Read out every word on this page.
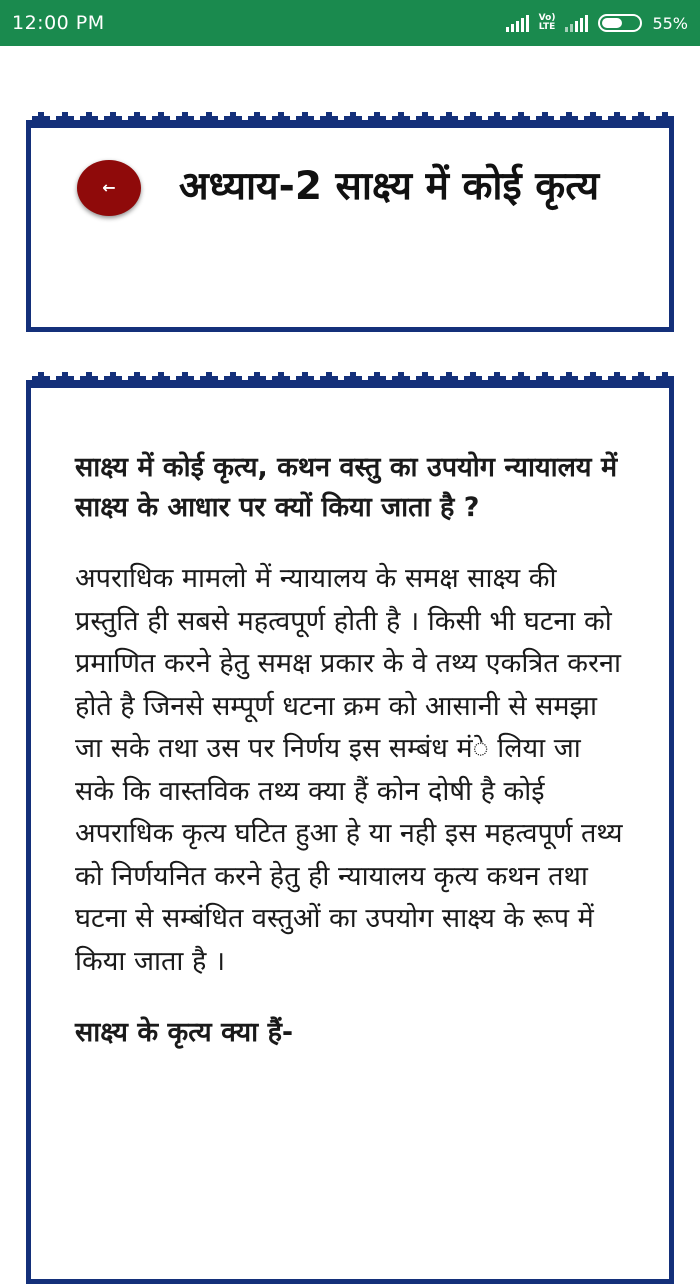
12:00 PM	Vo)
LTE	55%
←	अध्याय-2 साक्ष्य में कोई कृत्य

साक्ष्य में कोई कृत्य, कथन वस्तु का उपयोग न्यायालय में साक्ष्य के आधार पर क्यों किया जाता है ?

अपराधिक मामलो में न्यायालय के समक्ष साक्ष्य की प्रस्तुति ही सबसे महत्वपूर्ण होती है । किसी भी घटना को प्रमाणित करने हेतु समक्ष प्रकार के वे तथ्य एकत्रित करना होते है जिनसे सम्पूर्ण धटना क्रम को आसानी से समझा जा सके तथा उस पर निर्णय इस सम्बंध मंे लिया जा सके कि वास्तविक तथ्य क्या हैं कोन दोषी है कोई अपराधिक कृत्य घटित हुआ हे या नही इस महत्वपूर्ण तथ्य को निर्णयनित करने हेतु ही न्यायालय कृत्य कथन तथा घटना से सम्बंधित वस्तुओं का उपयोग साक्ष्य के रूप में किया जाता है ।

साक्ष्य के कृत्य क्या हैं-
